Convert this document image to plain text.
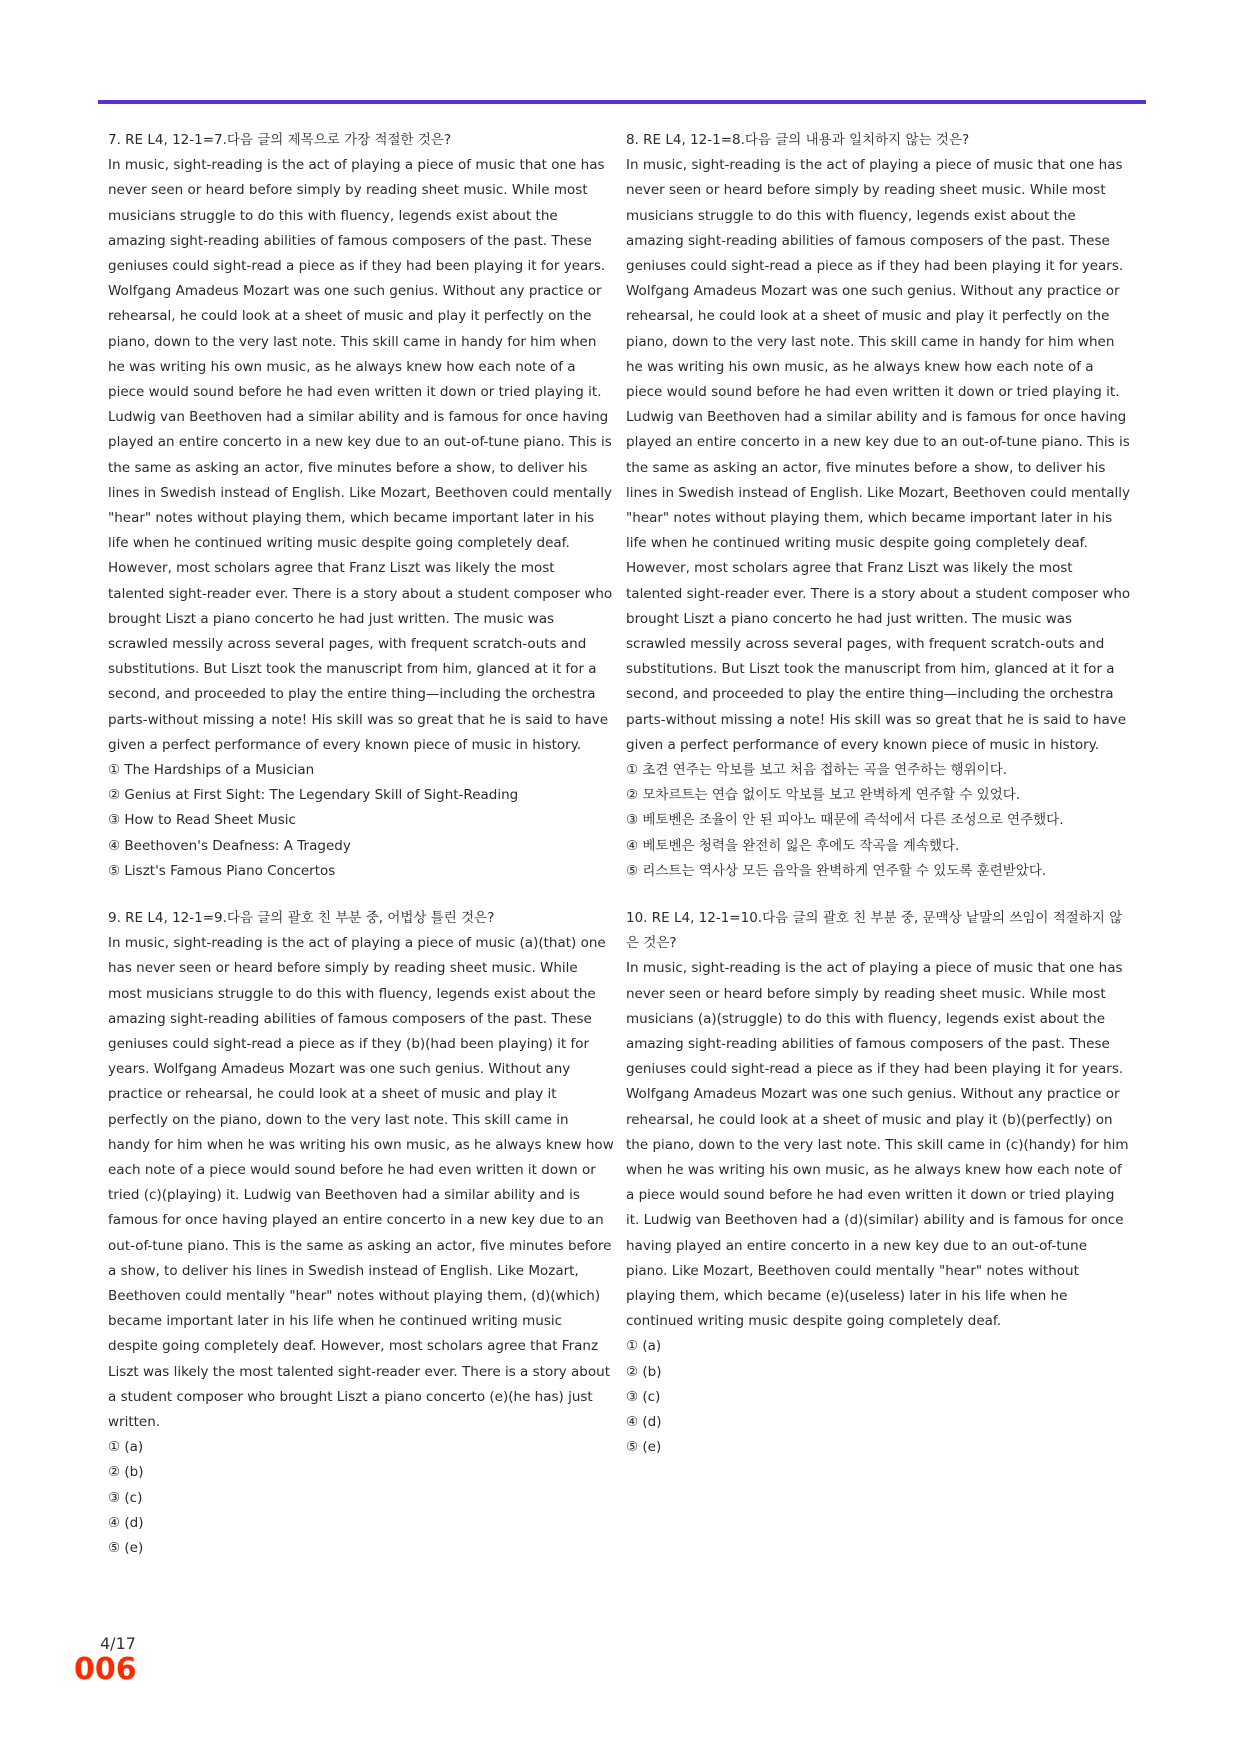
7. RE L4, 12-1=7.다음 글의 제목으로 가장 적절한 것은?

In music, sight-reading is the act of playing a piece of music that one has never seen or heard before simply by reading sheet music. While most musicians struggle to do this with fluency, legends exist about the amazing sight-reading abilities of famous composers of the past. These geniuses could sight-read a piece as if they had been playing it for years. Wolfgang Amadeus Mozart was one such genius. Without any practice or rehearsal, he could look at a sheet of music and play it perfectly on the piano, down to the very last note. This skill came in handy for him when he was writing his own music, as he always knew how each note of a piece would sound before he had even written it down or tried playing it. Ludwig van Beethoven had a similar ability and is famous for once having played an entire concerto in a new key due to an out-of-tune piano. This is the same as asking an actor, five minutes before a show, to deliver his lines in Swedish instead of English. Like Mozart, Beethoven could mentally "hear" notes without playing them, which became important later in his life when he continued writing music despite going completely deaf. However, most scholars agree that Franz Liszt was likely the most talented sight-reader ever. There is a story about a student composer who brought Liszt a piano concerto he had just written. The music was scrawled messily across several pages, with frequent scratch-outs and substitutions. But Liszt took the manuscript from him, glanced at it for a second, and proceeded to play the entire thing—including the orchestra parts-without missing a note! His skill was so great that he is said to have given a perfect performance of every known piece of music in history.

① The Hardships of a Musician
② Genius at First Sight: The Legendary Skill of Sight-Reading
③ How to Read Sheet Music
④ Beethoven's Deafness: A Tragedy
⑤ Liszt's Famous Piano Concertos

8. RE L4, 12-1=8.다음 글의 내용과 일치하지 않는 것은?

In music, sight-reading is the act of playing a piece of music that one has never seen or heard before simply by reading sheet music. While most musicians struggle to do this with fluency, legends exist about the amazing sight-reading abilities of famous composers of the past. These geniuses could sight-read a piece as if they had been playing it for years. Wolfgang Amadeus Mozart was one such genius. Without any practice or rehearsal, he could look at a sheet of music and play it perfectly on the piano, down to the very last note. This skill came in handy for him when he was writing his own music, as he always knew how each note of a piece would sound before he had even written it down or tried playing it. Ludwig van Beethoven had a similar ability and is famous for once having played an entire concerto in a new key due to an out-of-tune piano. This is the same as asking an actor, five minutes before a show, to deliver his lines in Swedish instead of English. Like Mozart, Beethoven could mentally "hear" notes without playing them, which became important later in his life when he continued writing music despite going completely deaf. However, most scholars agree that Franz Liszt was likely the most talented sight-reader ever. There is a story about a student composer who brought Liszt a piano concerto he had just written. The music was scrawled messily across several pages, with frequent scratch-outs and substitutions. But Liszt took the manuscript from him, glanced at it for a second, and proceeded to play the entire thing—including the orchestra parts-without missing a note! His skill was so great that he is said to have given a perfect performance of every known piece of music in history.

① 초견 연주는 악보를 보고 처음 접하는 곡을 연주하는 행위이다.
② 모차르트는 연습 없이도 악보를 보고 완벽하게 연주할 수 있었다.
③ 베토벤은 조율이 안 된 피아노 때문에 즉석에서 다른 조성으로 연주했다.
④ 베토벤은 청력을 완전히 잃은 후에도 작곡을 계속했다.
⑤ 리스트는 역사상 모든 음악을 완벽하게 연주할 수 있도록 훈련받았다.

9. RE L4, 12-1=9.다음 글의 괄호 친 부분 중, 어법상 틀린 것은?

In music, sight-reading is the act of playing a piece of music (a)(that) one has never seen or heard before simply by reading sheet music. While most musicians struggle to do this with fluency, legends exist about the amazing sight-reading abilities of famous composers of the past. These geniuses could sight-read a piece as if they (b)(had been playing) it for years. Wolfgang Amadeus Mozart was one such genius. Without any practice or rehearsal, he could look at a sheet of music and play it perfectly on the piano, down to the very last note. This skill came in handy for him when he was writing his own music, as he always knew how each note of a piece would sound before he had even written it down or tried (c)(playing) it. Ludwig van Beethoven had a similar ability and is famous for once having played an entire concerto in a new key due to an out-of-tune piano. This is the same as asking an actor, five minutes before a show, to deliver his lines in Swedish instead of English. Like Mozart, Beethoven could mentally "hear" notes without playing them, (d)(which) became important later in his life when he continued writing music despite going completely deaf. However, most scholars agree that Franz Liszt was likely the most talented sight-reader ever. There is a story about a student composer who brought Liszt a piano concerto (e)(he has) just written.

① (a)
② (b)
③ (c)
④ (d)
⑤ (e)

10. RE L4, 12-1=10.다음 글의 괄호 친 부분 중, 문맥상 낱말의 쓰임이 적절하지 않은 것은?

In music, sight-reading is the act of playing a piece of music that one has never seen or heard before simply by reading sheet music. While most musicians (a)(struggle) to do this with fluency, legends exist about the amazing sight-reading abilities of famous composers of the past. These geniuses could sight-read a piece as if they had been playing it for years. Wolfgang Amadeus Mozart was one such genius. Without any practice or rehearsal, he could look at a sheet of music and play it (b)(perfectly) on the piano, down to the very last note. This skill came in (c)(handy) for him when he was writing his own music, as he always knew how each note of a piece would sound before he had even written it down or tried playing it. Ludwig van Beethoven had a (d)(similar) ability and is famous for once having played an entire concerto in a new key due to an out-of-tune piano. Like Mozart, Beethoven could mentally "hear" notes without playing them, which became (e)(useless) later in his life when he continued writing music despite going completely deaf.

① (a)
② (b)
③ (c)
④ (d)
⑤ (e)
4/17
006
